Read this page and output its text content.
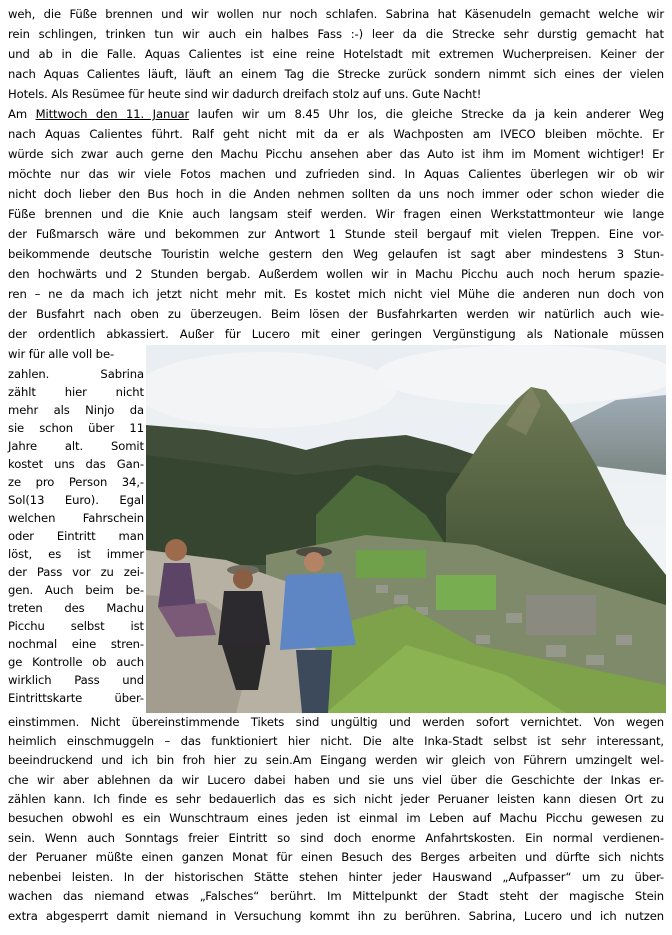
weh, die Füße brennen und wir wollen nur noch schlafen. Sabrina hat Käsenudeln gemacht welche wir

rein schlingen, trinken tun wir auch ein halbes Fass :-) leer da die Strecke sehr durstig gemacht hat

und ab in die Falle. Aquas Calientes ist eine reine Hotelstadt mit extremen Wucherpreisen. Keiner der

nach Aquas Calientes läuft, läuft an einem Tag die Strecke zurück sondern nimmt sich eines der vielen

Hotels. Als Resümee für heute sind wir dadurch dreifach stolz auf uns. Gute Nacht!

Am Mittwoch den 11. Januar laufen wir um 8.45 Uhr los, die gleiche Strecke da ja kein anderer Weg

nach Aquas Calientes führt. Ralf geht nicht mit da er als Wachposten am IVECO bleiben möchte. Er

würde sich zwar auch gerne den Machu Picchu ansehen aber das Auto ist ihm im Moment wichtiger! Er

möchte nur das wir viele Fotos machen und zufrieden sind. In Aquas Calientes überlegen wir ob wir

nicht doch lieber den Bus hoch in die Anden nehmen sollten da uns noch immer oder schon wieder die

Füße brennen und die Knie auch langsam steif werden. Wir fragen einen Werkstattmonteur wie lange

der Fußmarsch wäre und bekommen zur Antwort 1 Stunde steil bergauf mit vielen Treppen. Eine vor-

beikommende deutsche Touristin welche gestern den Weg gelaufen ist sagt aber mindestens 3 Stun-

den hochwärts und 2 Stunden bergab. Außerdem wollen wir in Machu Picchu auch noch herum spazie-

ren – ne da mach ich jetzt nicht mehr mit. Es kostet mich nicht viel Mühe die anderen nun doch von

der Busfahrt nach oben zu überzeugen. Beim lösen der Busfahrkarten werden wir natürlich auch wie-

der ordentlich abkassiert. Außer für Lucero mit einer geringen Vergünstigung als Nationale müssen

wir für alle voll be-

zahlen. Sabrina

zählt hier nicht

mehr als Ninjo da

sie schon über 11

Jahre alt. Somit

kostet uns das Gan-

ze pro Person 34,-

Sol(13 Euro). Egal

welchen Fahrschein

oder Eintritt man

löst, es ist immer

der Pass vor zu zei-

gen. Auch beim be-

treten des Machu

Picchu selbst ist

nochmal eine stren-

ge Kontrolle ob auch

wirklich Pass und

Eintrittskarte über-

einstimmen. Nicht übereinstimmende Tikets sind ungültig und werden sofort vernichtet. Von wegen

heimlich einschmuggeln – das funktioniert hier nicht. Die alte Inka-Stadt selbst ist sehr interessant,

beeindruckend und ich bin froh hier zu sein.Am Eingang werden wir gleich von Führern umzingelt wel-

che wir aber ablehnen da wir Lucero dabei haben und sie uns viel über die Geschichte der Inkas er-

zählen kann. Ich finde es sehr bedauerlich das es sich nicht jeder Peruaner leisten kann diesen Ort zu

besuchen obwohl es ein Wunschtraum eines jeden ist einmal im Leben auf Machu Picchu gewesen zu

sein. Wenn auch Sonntags freier Eintritt so sind doch enorme Anfahrtskosten. Ein normal verdienen-

der Peruaner müßte einen ganzen Monat für einen Besuch des Berges arbeiten und dürfte sich nichts

nebenbei leisten. In der historischen Stätte stehen hinter jeder Hauswand „Aufpasser“ um zu über-

wachen das niemand etwas „Falsches“ berührt. Im Mittelpunkt der Stadt steht der magische Stein

extra abgesperrt damit niemand in Versuchung kommt ihn zu berühren. Sabrina, Lucero und ich nutzen
